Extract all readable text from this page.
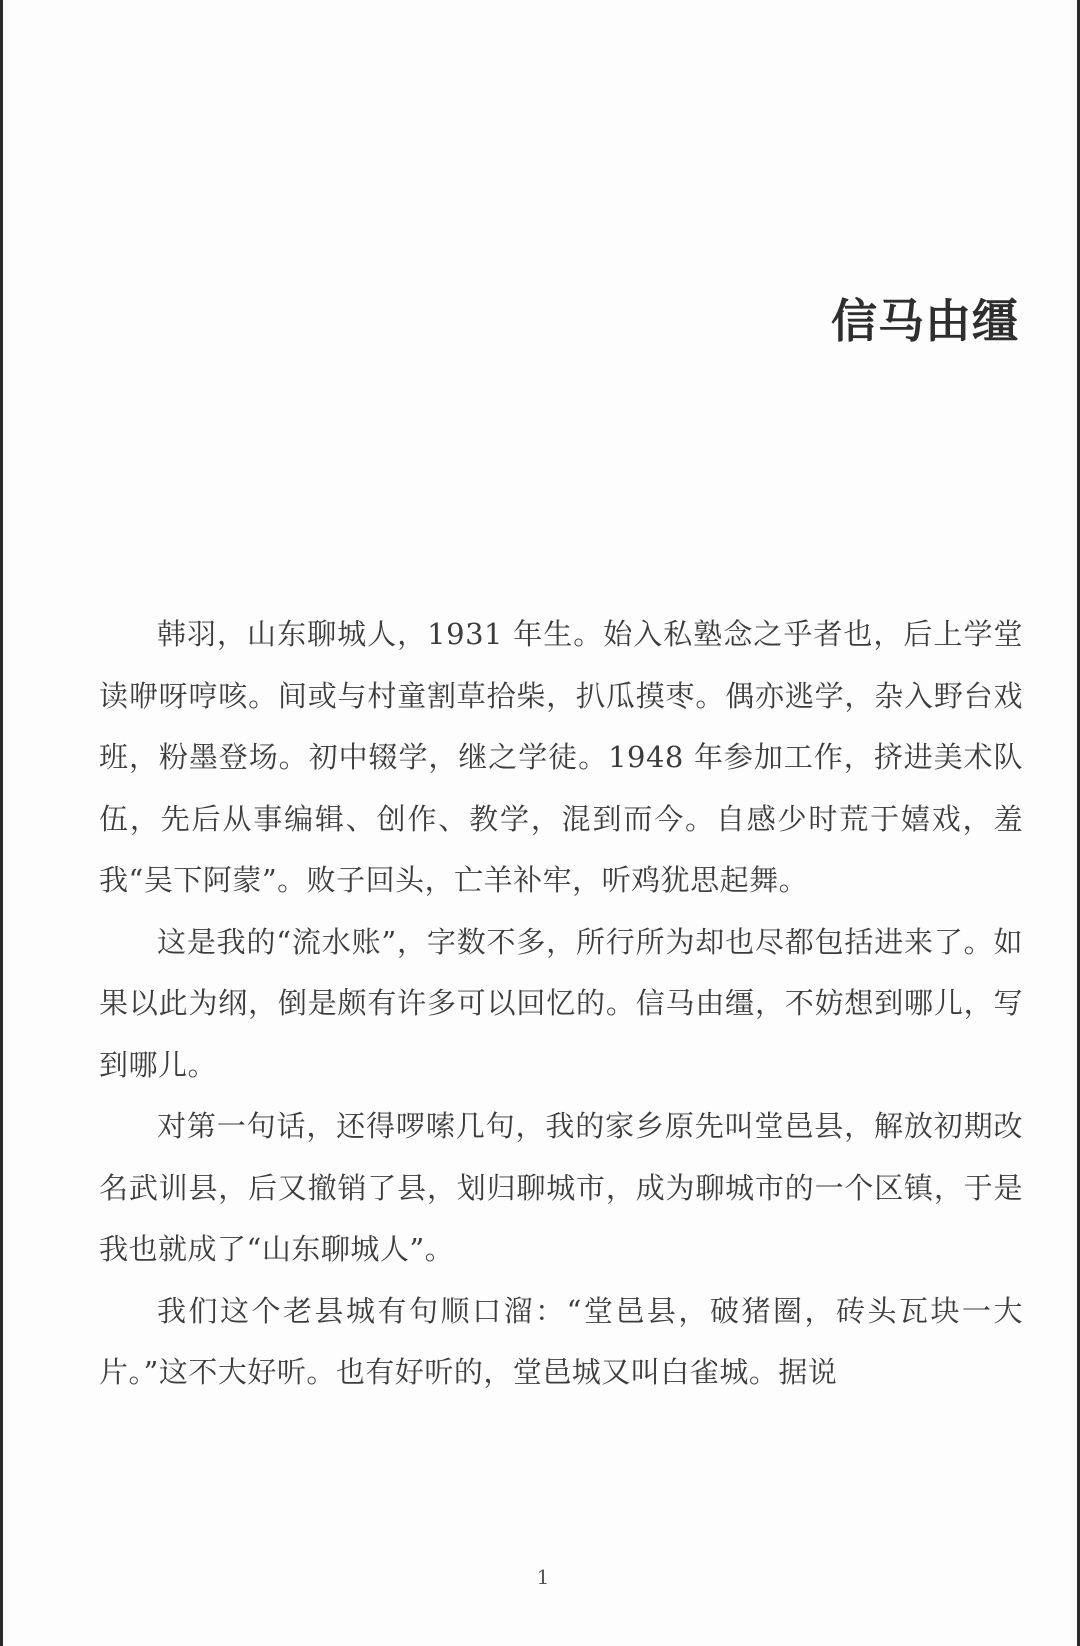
信马由缰

韩羽，山东聊城人，1931 年生。始入私塾念之乎者也，后上学堂读咿呀哼咳。间或与村童割草拾柴，扒瓜摸枣。偶亦逃学，杂入野台戏班，粉墨登场。初中辍学，继之学徒。1948 年参加工作，挤进美术队伍，先后从事编辑、创作、教学，混到而今。自感少时荒于嬉戏，羞我“吴下阿蒙”。败子回头，亡羊补牢，听鸡犹思起舞。

这是我的“流水账”，字数不多，所行所为却也尽都包括进来了。如果以此为纲，倒是颇有许多可以回忆的。信马由缰，不妨想到哪儿，写到哪儿。

对第一句话，还得啰嗦几句，我的家乡原先叫堂邑县，解放初期改名武训县，后又撤销了县，划归聊城市，成为聊城市的一个区镇，于是我也就成了“山东聊城人”。

我们这个老县城有句顺口溜：“堂邑县，破猪圈，砖头瓦块一大片。”这不大好听。也有好听的，堂邑城又叫白雀城。据说

1
